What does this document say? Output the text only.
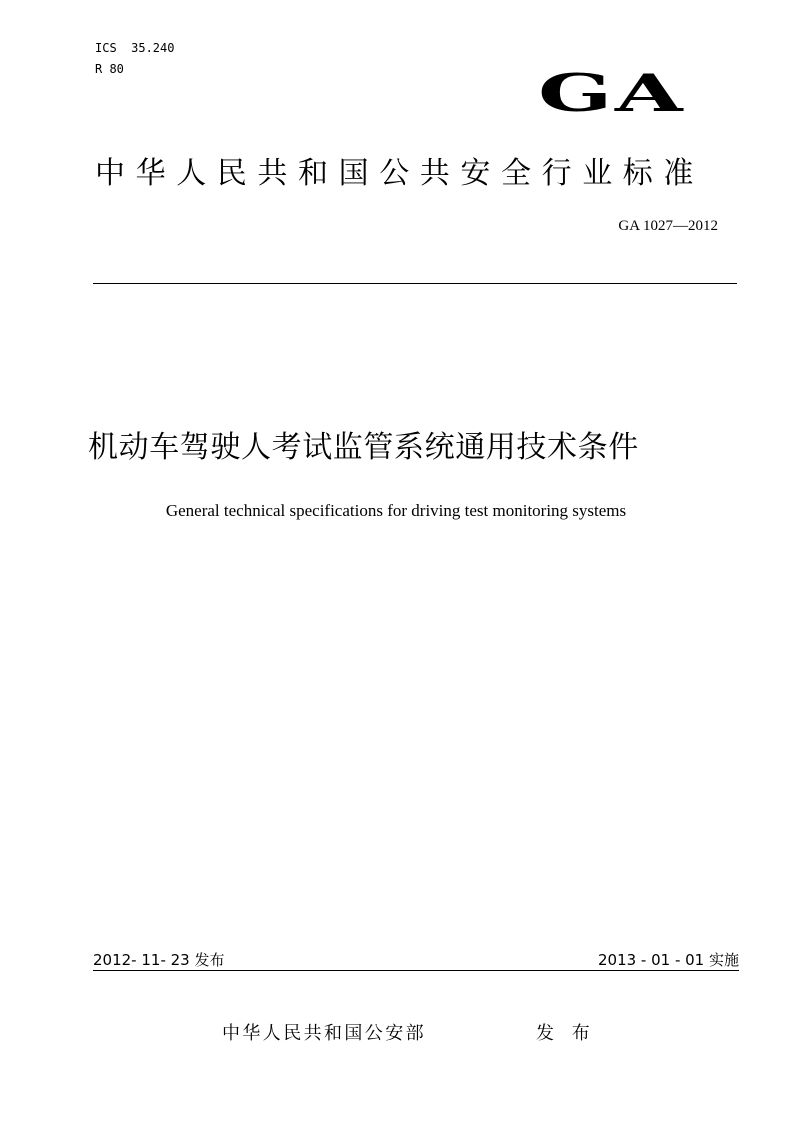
ICS  35.240
R 80	GA
中华人民共和国公共安全行业标准
GA 1027—2012
机动车驾驶人考试监管系统通用技术条件
General technical specifications for driving test monitoring systems
2012- 11- 23 发布	2013 - 01 - 01 实施
中华人民共和国公安部	发 布
